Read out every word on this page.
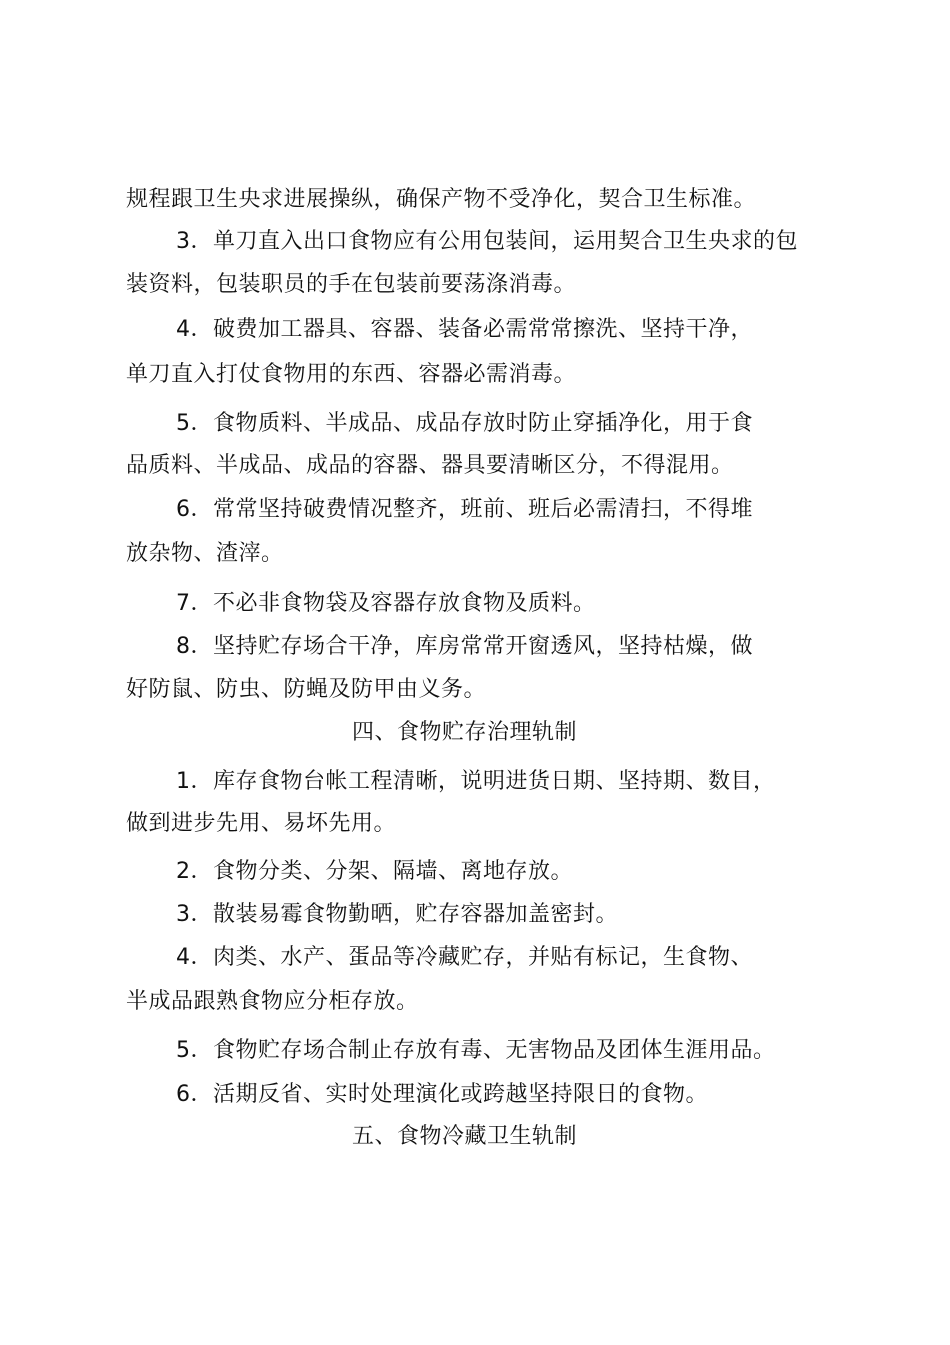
规程跟卫生央求进展操纵，确保产物不受净化，契合卫生标准。
3．单刀直入出口食物应有公用包装间，运用契合卫生央求的包
装资料，包装职员的手在包装前要荡涤消毒。
4．破费加工器具、容器、装备必需常常擦洗、坚持干净，
单刀直入打仗食物用的东西、容器必需消毒。
5．食物质料、半成品、成品存放时防止穿插净化，用于食
品质料、半成品、成品的容器、器具要清晰区分，不得混用。
6．常常坚持破费情况整齐，班前、班后必需清扫，不得堆
放杂物、渣滓。
7．不必非食物袋及容器存放食物及质料。
8．坚持贮存场合干净，库房常常开窗透风，坚持枯燥，做
好防鼠、防虫、防蝇及防甲由义务。
四、食物贮存治理轨制
1．库存食物台帐工程清晰，说明进货日期、坚持期、数目，
做到进步先用、易坏先用。
2．食物分类、分架、隔墙、离地存放。
3．散装易霉食物勤晒，贮存容器加盖密封。
4．肉类、水产、蛋品等冷藏贮存，并贴有标记，生食物、
半成品跟熟食物应分柜存放。
5．食物贮存场合制止存放有毒、无害物品及团体生涯用品。
6．活期反省、实时处理演化或跨越坚持限日的食物。
五、食物冷藏卫生轨制
